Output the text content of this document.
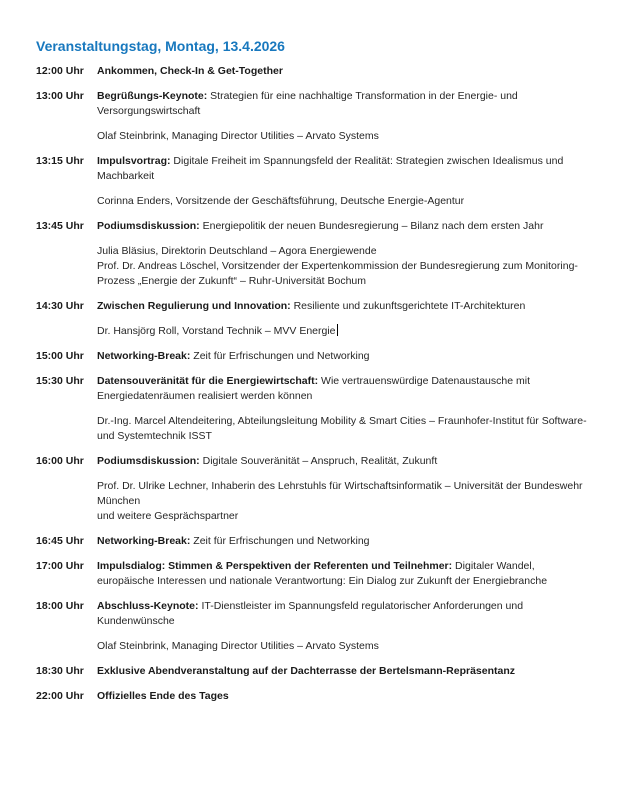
Veranstaltungstag, Montag, 13.4.2026
12:00 Uhr	Ankommen, Check-In & Get-Together

13:00 Uhr	Begrüßungs-Keynote: Strategien für eine nachhaltige Transformation in der Energie- und Versorgungswirtschaft

Olaf Steinbrink, Managing Director Utilities – Arvato Systems

13:15 Uhr	Impulsvortrag: Digitale Freiheit im Spannungsfeld der Realität: Strategien zwischen Idealismus und Machbarkeit

Corinna Enders, Vorsitzende der Geschäftsführung, Deutsche Energie-Agentur

13:45 Uhr	Podiumsdiskussion: Energiepolitik der neuen Bundesregierung – Bilanz nach dem ersten Jahr

Julia Bläsius, Direktorin Deutschland – Agora Energiewende
Prof. Dr. Andreas Löschel, Vorsitzender der Expertenkommission der Bundesregierung zum Monitoring-Prozess „Energie der Zukunft“ – Ruhr-Universität Bochum

14:30 Uhr	Zwischen Regulierung und Innovation: Resiliente und zukunftsgerichtete IT-Architekturen

Dr. Hansjörg Roll, Vorstand Technik – MVV Energie

15:00 Uhr	Networking-Break: Zeit für Erfrischungen und Networking

15:30 Uhr	Datensouveränität für die Energiewirtschaft: Wie vertrauenswürdige Datenaustausche mit Energiedatenräumen realisiert werden können

Dr.-Ing. Marcel Altendeitering, Abteilungsleitung Mobility & Smart Cities – Fraunhofer-Institut für Software- und Systemtechnik ISST

16:00 Uhr	Podiumsdiskussion: Digitale Souveränität – Anspruch, Realität, Zukunft

Prof. Dr. Ulrike Lechner, Inhaberin des Lehrstuhls für Wirtschaftsinformatik – Universität der Bundeswehr München
und weitere Gesprächspartner

16:45 Uhr	Networking-Break: Zeit für Erfrischungen und Networking

17:00 Uhr	Impulsdialog: Stimmen & Perspektiven der Referenten und Teilnehmer: Digitaler Wandel, europäische Interessen und nationale Verantwortung: Ein Dialog zur Zukunft der Energiebranche

18:00 Uhr	Abschluss-Keynote: IT-Dienstleister im Spannungsfeld regulatorischer Anforderungen und Kundenwünsche

Olaf Steinbrink, Managing Director Utilities – Arvato Systems

18:30 Uhr	Exklusive Abendveranstaltung auf der Dachterrasse der Bertelsmann-Repräsentanz

22:00 Uhr	Offizielles Ende des Tages
